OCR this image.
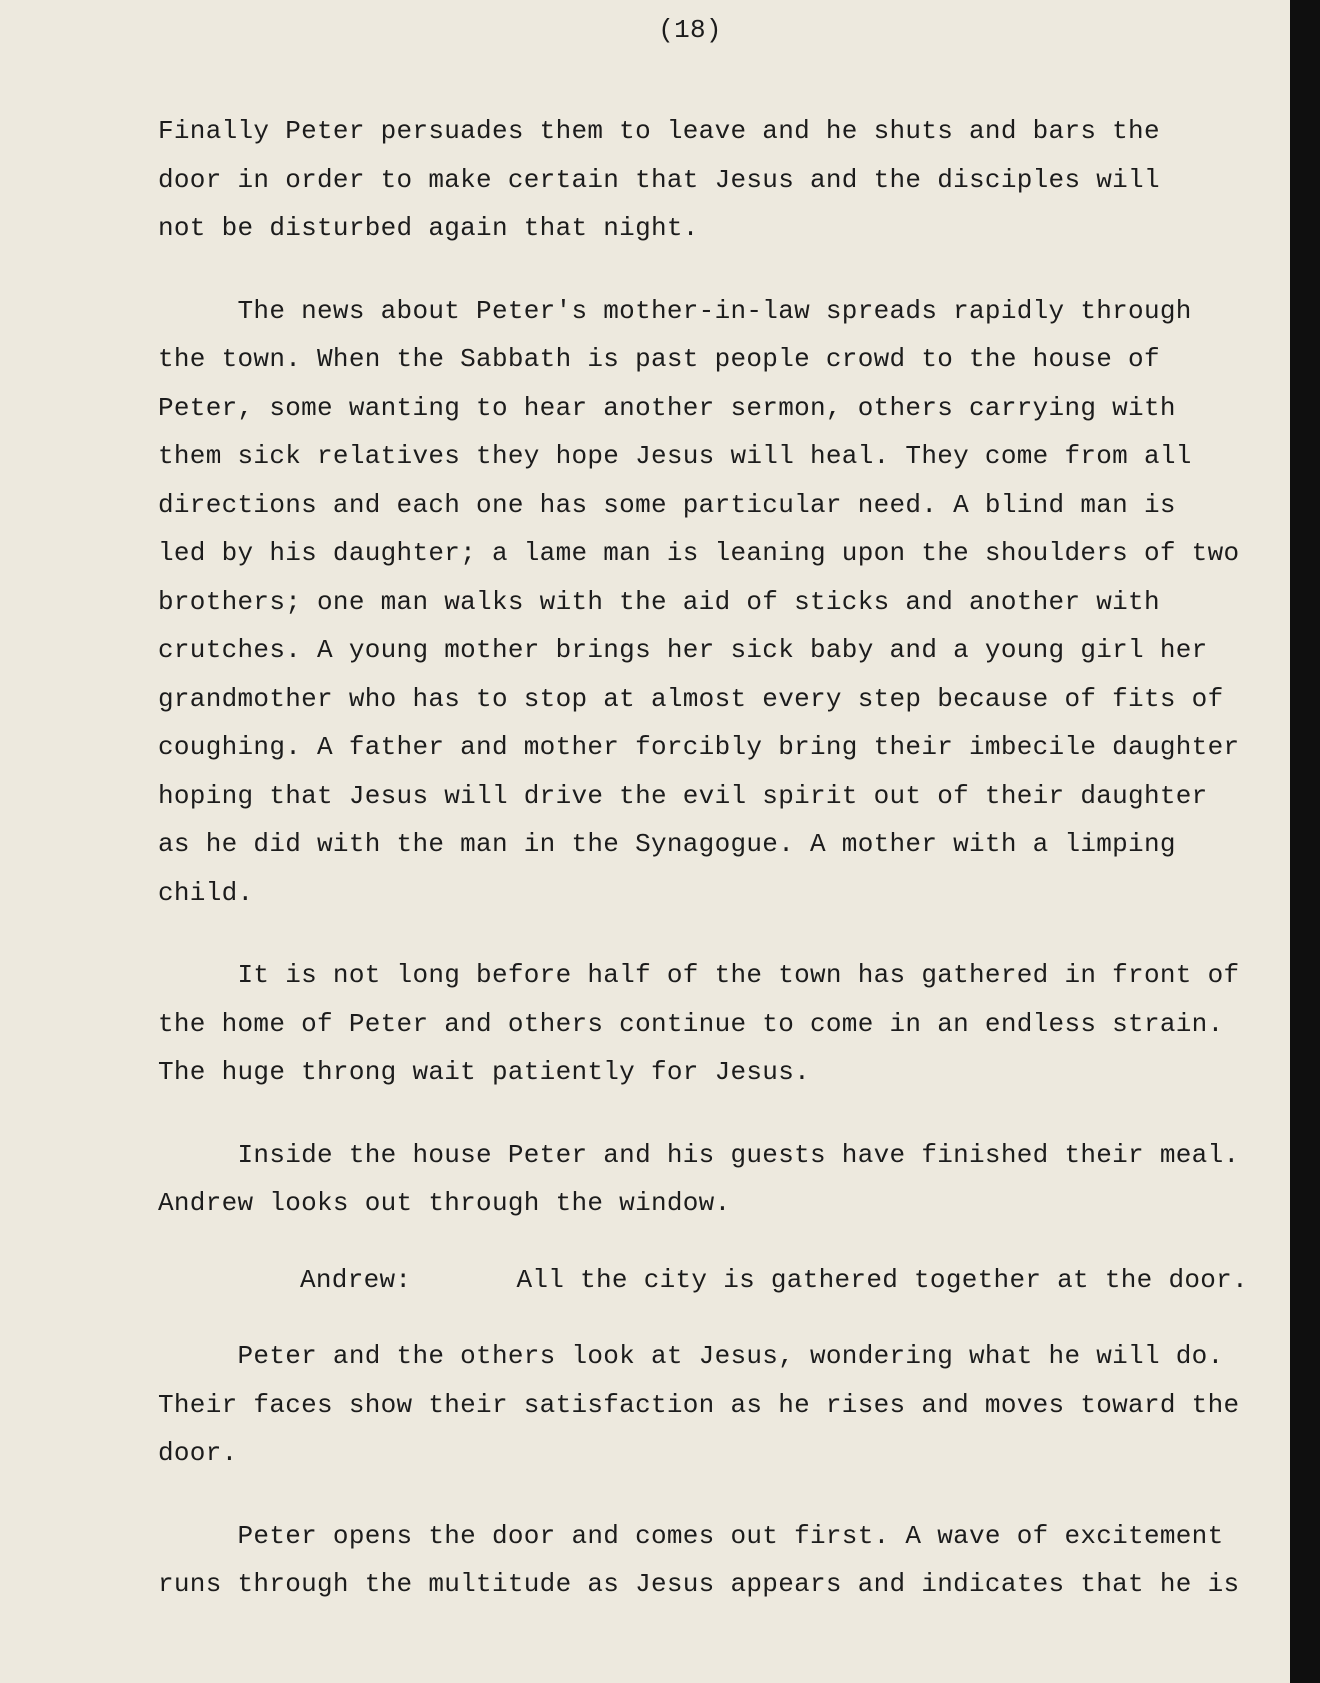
(18)

Finally Peter persuades them to leave and he shuts and bars the

door in order to make certain that Jesus and the disciples will

not be disturbed again that night.

The news about Peter's mother-in-law spreads rapidly through

the town. When the Sabbath is past people crowd to the house of

Peter, some wanting to hear another sermon, others carrying with

them sick relatives they hope Jesus will heal. They come from all

directions and each one has some particular need. A blind man is

led by his daughter; a lame man is leaning upon the shoulders of two

brothers; one man walks with the aid of sticks and another with

crutches. A young mother brings her sick baby and a young girl her

grandmother who has to stop at almost every step because of fits of

coughing. A father and mother forcibly bring their imbecile daughter

hoping that Jesus will drive the evil spirit out of their daughter

as he did with the man in the Synagogue. A mother with a limping

child.

It is not long before half of the town has gathered in front of

the home of Peter and others continue to come in an endless strain.

The huge throng wait patiently for Jesus.

Inside the house Peter and his guests have finished their meal.

Andrew looks out through the window.

Andrew:	All the city is gathered together at the door.

Peter and the others look at Jesus, wondering what he will do.

Their faces show their satisfaction as he rises and moves toward the

door.

Peter opens the door and comes out first. A wave of excitement

runs through the multitude as Jesus appears and indicates that he is
